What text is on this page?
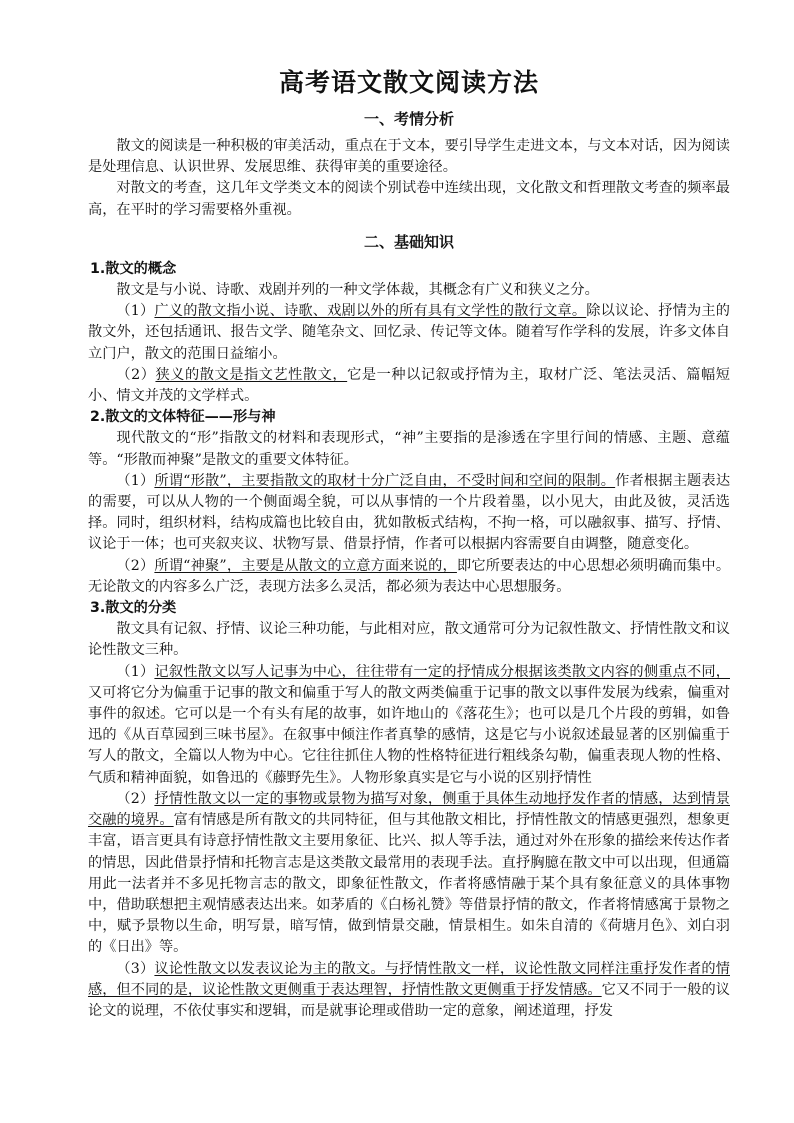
高考语文散文阅读方法
一、考情分析

散文的阅读是一种积极的审美活动，重点在于文本，要引导学生走进文本，与文本对话，因为阅读是处理信息、认识世界、发展思维、获得审美的重要途径。

对散文的考查，这几年文学类文本的阅读个别试卷中连续出现，文化散文和哲理散文考查的频率最高，在平时的学习需要格外重视。

二、基础知识

1.散文的概念

散文是与小说、诗歌、戏剧并列的一种文学体裁，其概念有广义和狭义之分。

（1）广义的散文指小说、诗歌、戏剧以外的所有具有文学性的散行文章。除以议论、抒情为主的散文外，还包括通讯、报告文学、随笔杂文、回忆录、传记等文体。随着写作学科的发展，许多文体自立门户，散文的范围日益缩小。

（2）狭义的散文是指文艺性散文，它是一种以记叙或抒情为主，取材广泛、笔法灵活、篇幅短小、情文并茂的文学样式。

2.散文的文体特征——形与神

现代散文的“形”指散文的材料和表现形式，“神”主要指的是渗透在字里行间的情感、主题、意蕴等。“形散而神聚”是散文的重要文体特征。

（1）所谓“形散”，主要指散文的取材十分广泛自由，不受时间和空间的限制。作者根据主题表达的需要，可以从人物的一个侧面竭全貌，可以从事情的一个片段着墨，以小见大，由此及彼，灵活选择。同时，组织材料，结构成篇也比较自由，犹如散板式结构，不拘一格，可以融叙事、描写、抒情、议论于一体；也可夹叙夹议、状物写景、借景抒情，作者可以根据内容需要自由调整，随意变化。

（2）所谓“神聚”，主要是从散文的立意方面来说的，即它所要表达的中心思想必须明确而集中。无论散文的内容多么广泛，表现方法多么灵活，都必须为表达中心思想服务。

3.散文的分类

散文具有记叙、抒情、议论三种功能，与此相对应，散文通常可分为记叙性散文、抒情性散文和议论性散文三种。

（1）记叙性散文以写人记事为中心，往往带有一定的抒情成分根据该类散文内容的侧重点不同，又可将它分为偏重于记事的散文和偏重于写人的散文两类偏重于记事的散文以事件发展为线索，偏重对事件的叙述。它可以是一个有头有尾的故事，如许地山的《落花生》；也可以是几个片段的剪辑，如鲁迅的《从百草园到三味书屋》。在叙事中倾注作者真挚的感情，这是它与小说叙述最显著的区别偏重于写人的散文，全篇以人物为中心。它往往抓住人物的性格特征进行粗线条勾勒，偏重表现人物的性格、气质和精神面貌，如鲁迅的《藤野先生》。人物形象真实是它与小说的区别抒情性

（2）抒情性散文以一定的事物或景物为描写对象，侧重于具体生动地抒发作者的情感，达到情景交融的境界。富有情感是所有散文的共同特征，但与其他散文相比，抒情性散文的情感更强烈，想象更丰富，语言更具有诗意抒情性散文主要用象征、比兴、拟人等手法，通过对外在形象的描绘来传达作者的情思，因此借景抒情和托物言志是这类散文最常用的表现手法。直抒胸臆在散文中可以出现，但通篇用此一法者并不多见托物言志的散文，即象征性散文，作者将感情融于某个具有象征意义的具体事物中，借助联想把主观情感表达出来。如茅盾的《白杨礼赞》等借景抒情的散文，作者将情感寓于景物之中，赋予景物以生命，明写景，暗写情，做到情景交融，情景相生。如朱自清的《荷塘月色》、刘白羽的《日出》等。

（3）议论性散文以发表议论为主的散文。与抒情性散文一样，议论性散文同样注重抒发作者的情感，但不同的是，议论性散文更侧重于表达理智，抒情性散文更侧重于抒发情感。它又不同于一般的议论文的说理，不依仗事实和逻辑，而是就事论理或借助一定的意象，阐述道理，抒发
